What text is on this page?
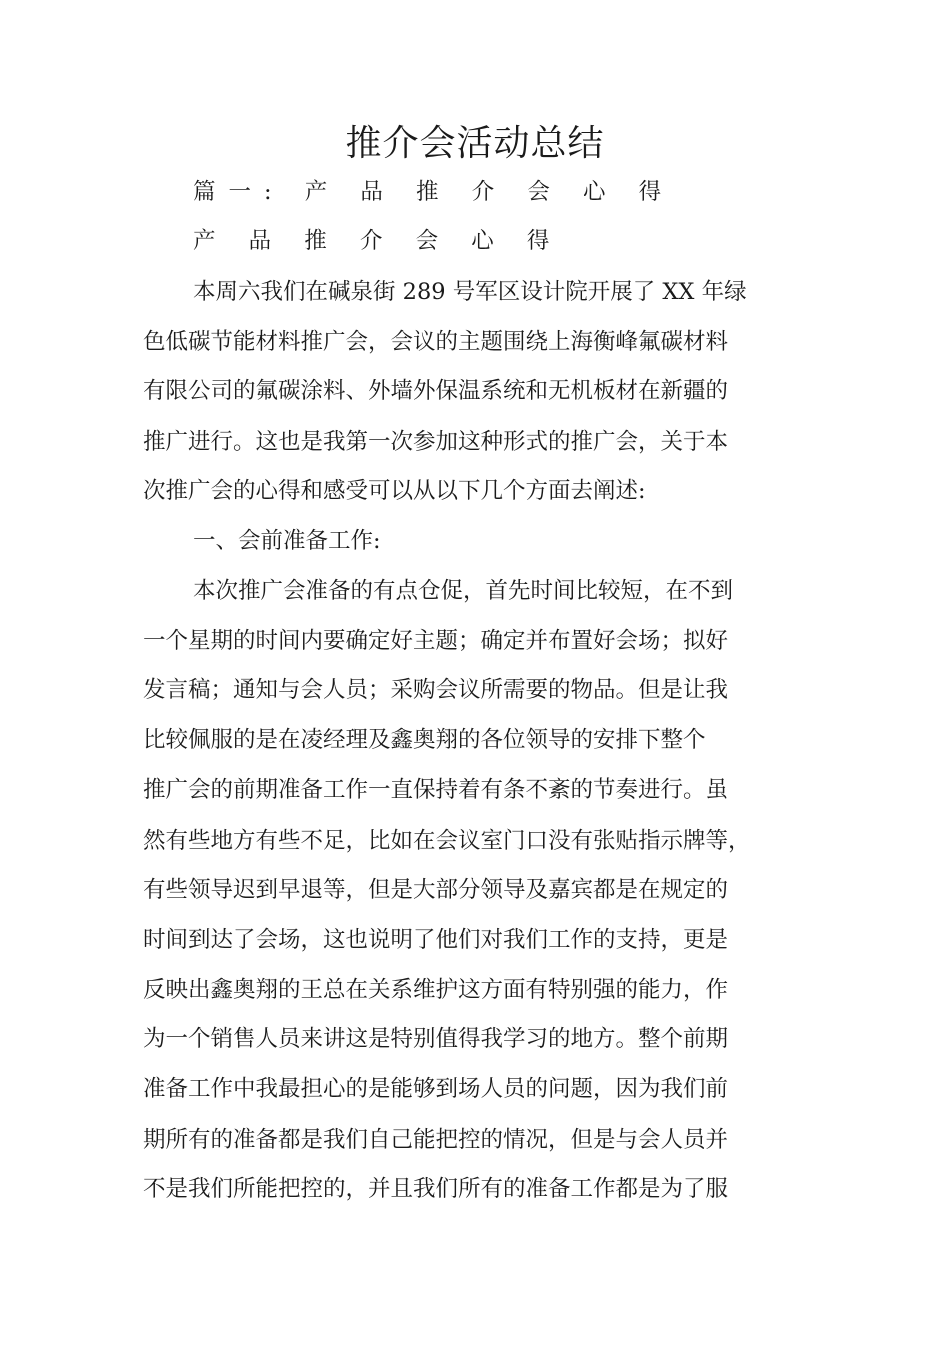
推介会活动总结

篇一: 产 品 推 介 会 心 得

产 品 推 介 会 心 得

本周六我们在碱泉街 289 号军区设计院开展了 XX 年绿

色低碳节能材料推广会，会议的主题围绕上海衡峰氟碳材料

有限公司的氟碳涂料、外墙外保温系统和无机板材在新疆的

推广进行。这也是我第一次参加这种形式的推广会，关于本

次推广会的心得和感受可以从以下几个方面去阐述:

一、会前准备工作:

本次推广会准备的有点仓促，首先时间比较短，在不到

一个星期的时间内要确定好主题；确定并布置好会场；拟好

发言稿；通知与会人员；采购会议所需要的物品。但是让我

比较佩服的是在凌经理及鑫奥翔的各位领导的安排下整个

推广会的前期准备工作一直保持着有条不紊的节奏进行。虽

然有些地方有些不足，比如在会议室门口没有张贴指示牌等，

有些领导迟到早退等，但是大部分领导及嘉宾都是在规定的

时间到达了会场，这也说明了他们对我们工作的支持，更是

反映出鑫奥翔的王总在关系维护这方面有特别强的能力，作

为一个销售人员来讲这是特别值得我学习的地方。整个前期

准备工作中我最担心的是能够到场人员的问题，因为我们前

期所有的准备都是我们自己能把控的情况，但是与会人员并

不是我们所能把控的，并且我们所有的准备工作都是为了服
